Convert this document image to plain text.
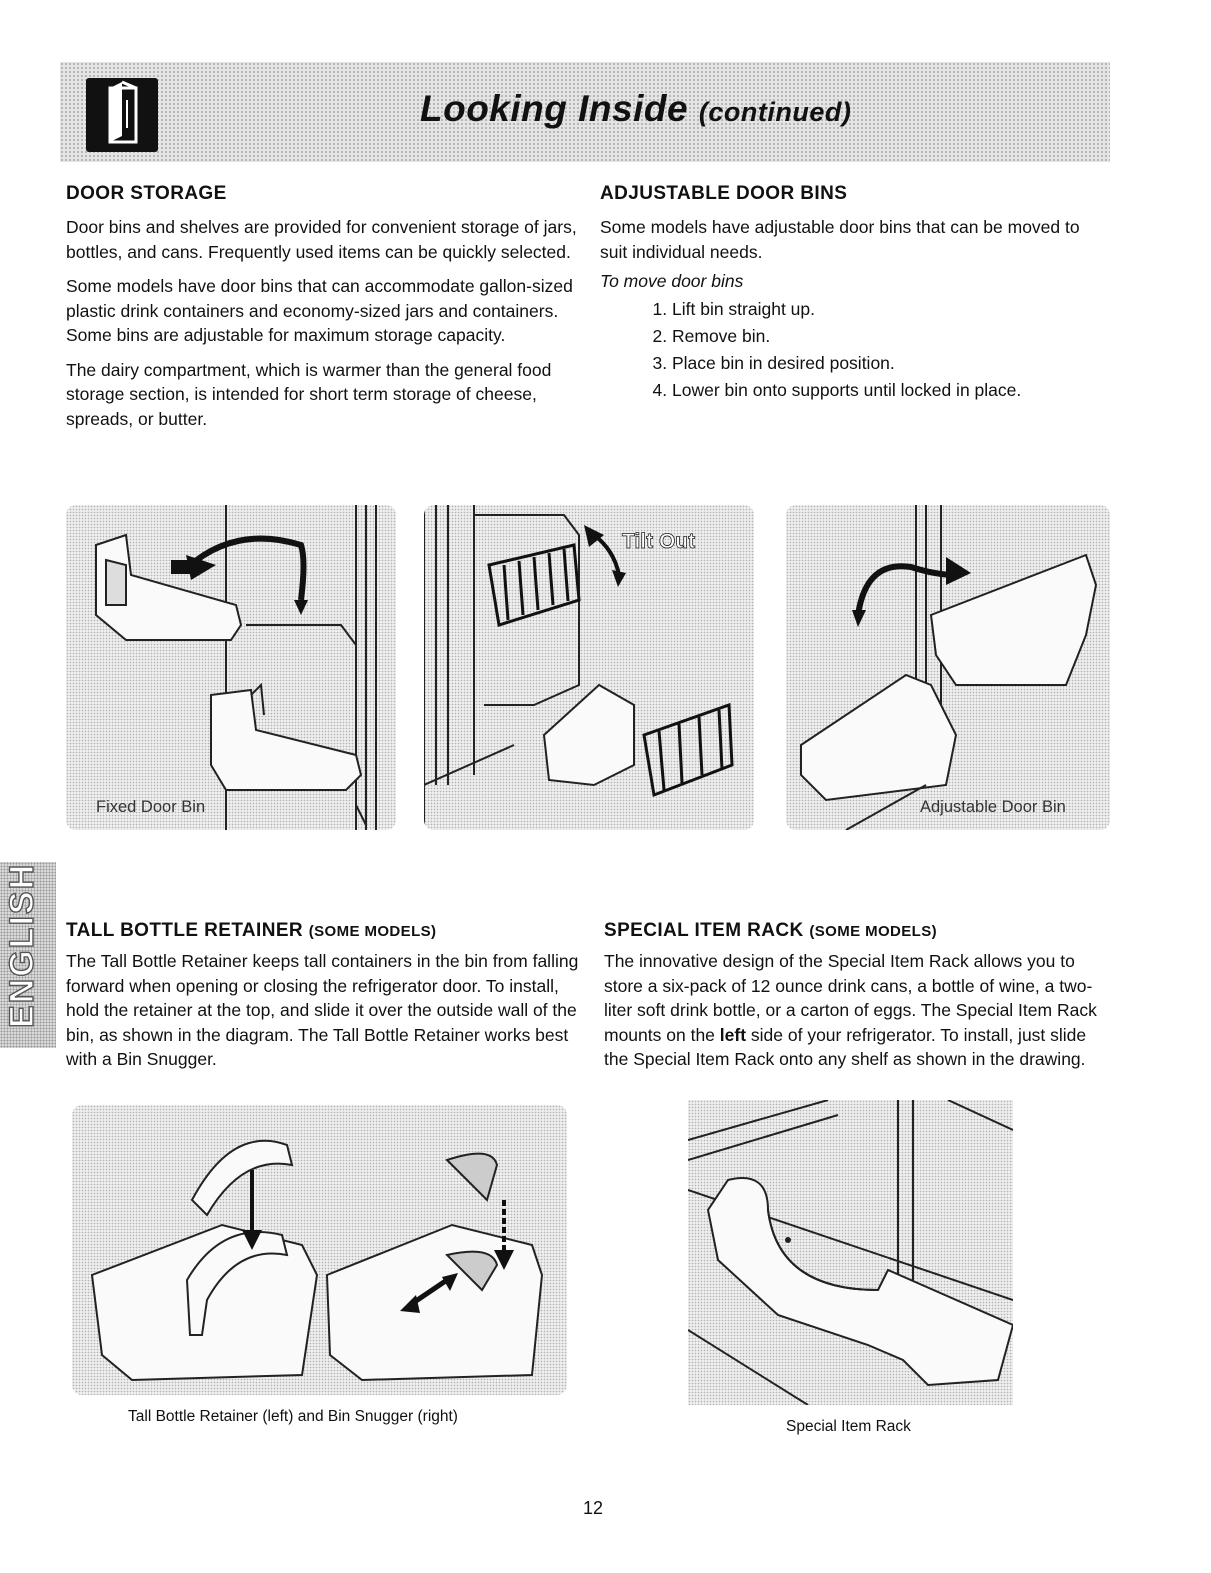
Looking Inside (continued)
DOOR STORAGE

Door bins and shelves are provided for convenient storage of jars, bottles, and cans. Frequently used items can be quickly selected.

Some models have door bins that can accommodate gallon-sized plastic drink containers and economy-sized jars and containers. Some bins are adjustable for maximum storage capacity.

The dairy compartment, which is warmer than the general food storage section, is intended for short term storage of cheese, spreads, or butter.

ADJUSTABLE DOOR BINS

Some models have adjustable door bins that can be moved to suit individual needs.

To move door bins
1. Lift bin straight up.
2. Remove bin.
3. Place bin in desired position.
4. Lower bin onto supports until locked in place.
Fixed Door Bin
Tilt Out
Adjustable Door Bin
ENGLISH TALL BOTTLE RETAINER (SOME MODELS)

The Tall Bottle Retainer keeps tall containers in the bin from falling forward when opening or closing the refrigerator door. To install, hold the retainer at the top, and slide it over the outside wall of the bin, as shown in the diagram. The Tall Bottle Retainer works best with a Bin Snugger.

Tall Bottle Retainer (left) and Bin Snugger (right)
SPECIAL ITEM RACK (SOME MODELS)

The innovative design of the Special Item Rack allows you to store a six-pack of 12 ounce drink cans, a bottle of wine, a two-liter soft drink bottle, or a carton of eggs. The Special Item Rack mounts on the left side of your refrigerator. To install, just slide the Special Item Rack onto any shelf as shown in the drawing.

Special Item Rack
12
